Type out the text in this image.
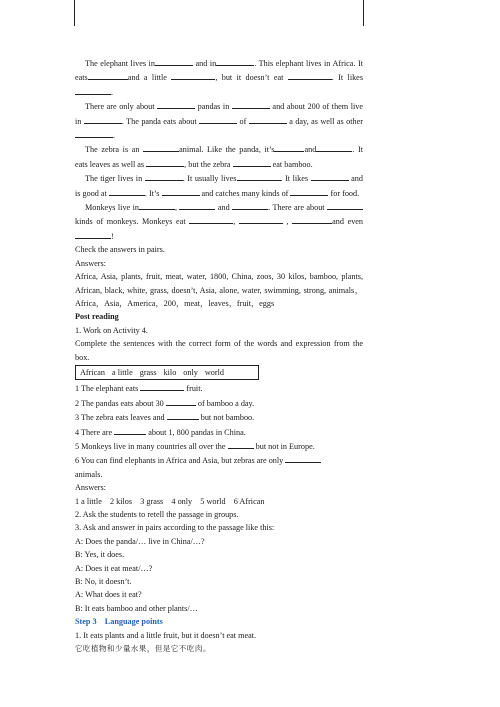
The elephant lives in	and in	. This elephant lives in Africa. It eats	and a little	, but it doesn’t eat	. It likes .

There are only about	pandas in	and about 200 of them live in	. The panda eats about	of	a day, as well as other .

The zebra is an	animal. Like the panda, it’s	and	. It eats leaves as well as	, but the zebra	eat bamboo.

The tiger lives in	. It usually lives	. It likes	and is good at	. It’s	and catches many kinds of	for food.

Monkeys live in	,	and	. There are about  kinds of monkeys. Monkeys eat	,	,	and even !

Check the answers in pairs.

Answers:

Africa, Asia, plants, fruit, meat, water, 1800, China, zoos, 30 kilos, bamboo, plants, African, black, white, grass, doesn’t, Asia, alone, water, swimming, strong, animals，Africa，Asia，America，200，meat，leaves，fruit，eggs

Post reading

1. Work on Activity 4.

Complete the sentences with the correct form of the words and expression from the box.

African a little grass kilo only world

1 The elephant eats	fruit.

2 The pandas eats about 30	of bamboo a day.

3 The zebra eats leaves and	but not bamboo.

4 There are	about 1, 800 pandas in China.

5 Monkeys live in many countries all over the	but not in Europe.

6 You can find elephants in Africa and Asia, but zebras are only

animals.

Answers:

1 a little    2 kilos    3 grass    4 only    5 world    6 African

2. Ask the students to retell the passage in groups.

3. Ask and answer in pairs according to the passage like this:

A: Does the panda/… live in China/…?

B: Yes, it does.

A: Does it eat meat/…?

B: No, it doesn’t.

A: What does it eat?

B: It eats bamboo and other plants/…

Step 3    Language points

1. It eats plants and a little fruit, but it doesn’t eat meat.

它吃植物和少量水果，但是它不吃肉。
